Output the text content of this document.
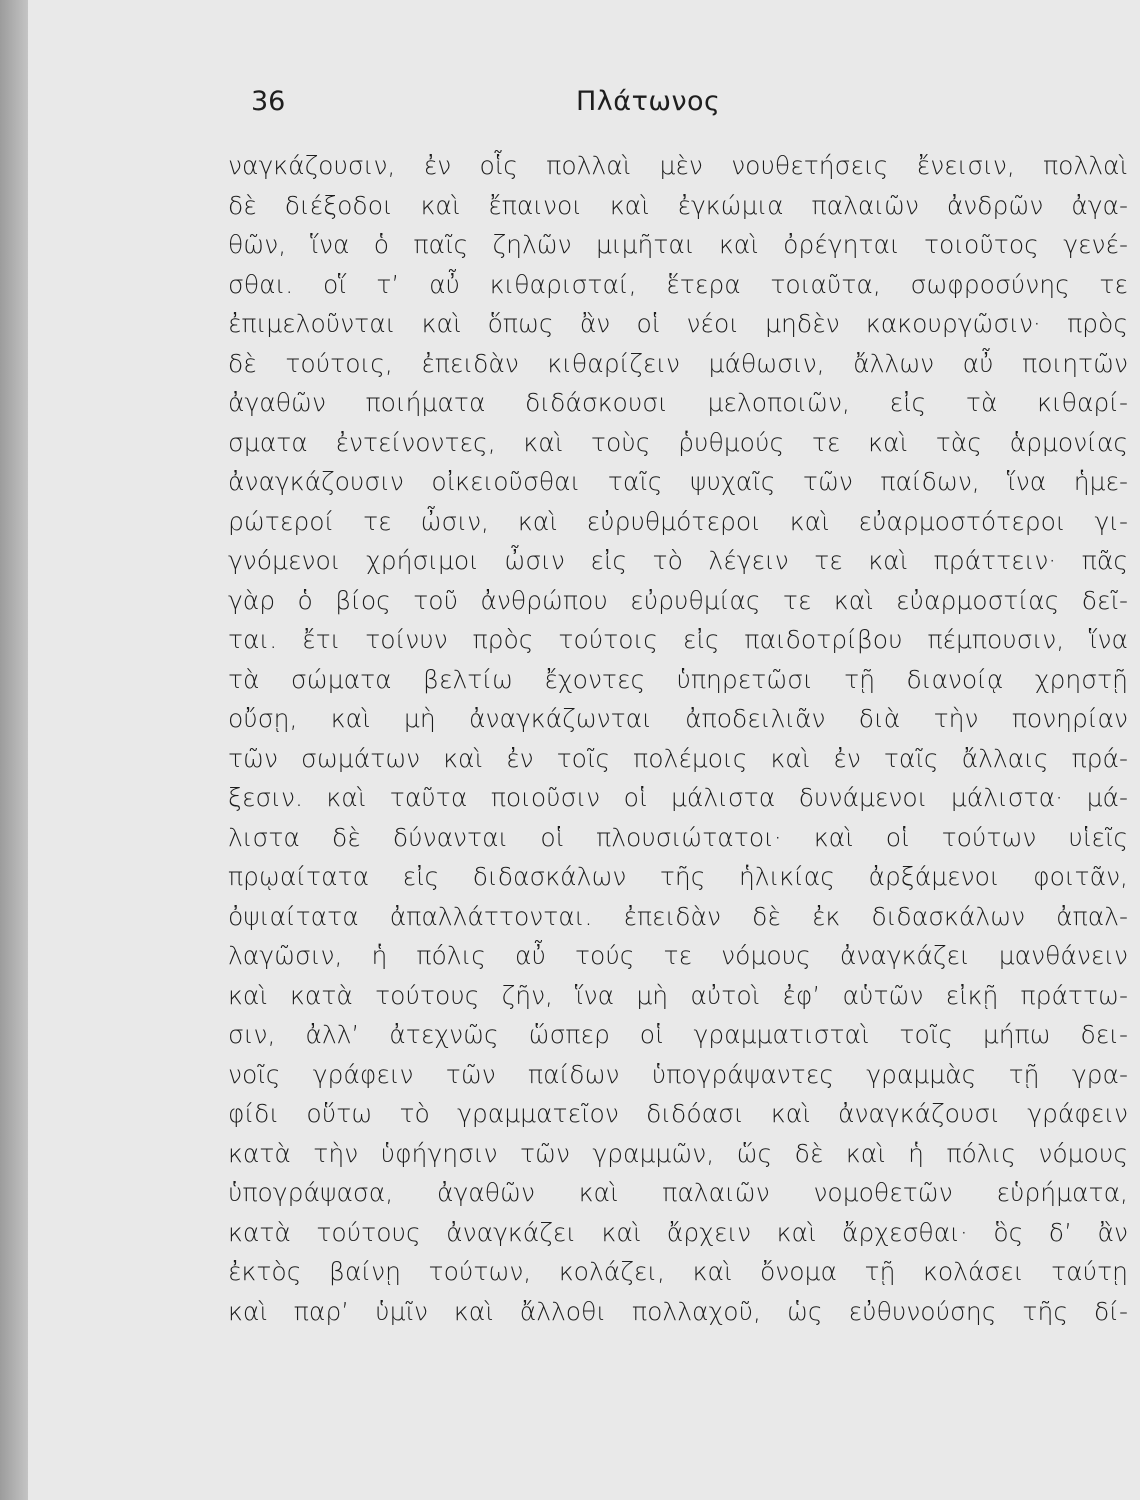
36	Πλάτωνος
ναγκάζουσιν, ἐν οἷς πολλαὶ μὲν νουθετήσεις ἔνεισιν, πολλαὶ
δὲ διέξοδοι καὶ ἔπαινοι καὶ ἐγκώμια παλαιῶν ἀνδρῶν ἀγα-
θῶν, ἵνα ὁ παῖς ζηλῶν μιμῆται καὶ ὀρέγηται τοιοῦτος γενέ-
σθαι. οἵ τ’ αὖ κιθαρισταί, ἕτερα τοιαῦτα, σωφροσύνης τε
ἐπιμελοῦνται καὶ ὅπως ἂν οἱ νέοι μηδὲν κακουργῶσιν· πρὸς
δὲ τούτοις, ἐπειδὰν κιθαρίζειν μάθωσιν, ἄλλων αὖ ποιητῶν
ἀγαθῶν ποιήματα διδάσκουσι μελοποιῶν, εἰς τὰ κιθαρί-
σματα ἐντείνοντες, καὶ τοὺς ῥυθμούς τε καὶ τὰς ἁρμονίας
ἀναγκάζουσιν οἰκειοῦσθαι ταῖς ψυχαῖς τῶν παίδων, ἵνα ἡμε-
ρώτεροί τε ὦσιν, καὶ εὐρυθμότεροι καὶ εὐαρμοστότεροι γι-
γνόμενοι χρήσιμοι ὦσιν εἰς τὸ λέγειν τε καὶ πράττειν· πᾶς
γὰρ ὁ βίος τοῦ ἀνθρώπου εὐρυθμίας τε καὶ εὐαρμοστίας δεῖ-
ται. ἔτι τοίνυν πρὸς τούτοις εἰς παιδοτρίβου πέμπουσιν, ἵνα
τὰ σώματα βελτίω ἔχοντες ὑπηρετῶσι τῇ διανοίᾳ χρηστῇ
οὔσῃ, καὶ μὴ ἀναγκάζωνται ἀποδειλιᾶν διὰ τὴν πονηρίαν
τῶν σωμάτων καὶ ἐν τοῖς πολέμοις καὶ ἐν ταῖς ἄλλαις πρά-
ξεσιν. καὶ ταῦτα ποιοῦσιν οἱ μάλιστα δυνάμενοι μάλιστα· μά-
λιστα δὲ δύνανται οἱ πλουσιώτατοι· καὶ οἱ τούτων υἱεῖς
πρῳαίτατα εἰς διδασκάλων τῆς ἡλικίας ἀρξάμενοι φοιτᾶν,
ὀψιαίτατα ἀπαλλάττονται. ἐπειδὰν δὲ ἐκ διδασκάλων ἀπαλ-
λαγῶσιν, ἡ πόλις αὖ τούς τε νόμους ἀναγκάζει μανθάνειν
καὶ κατὰ τούτους ζῆν, ἵνα μὴ αὐτοὶ ἐφ’ αὑτῶν εἰκῇ πράττω-
σιν, ἀλλ’ ἀτεχνῶς ὥσπερ οἱ γραμματισταὶ τοῖς μήπω δει-
νοῖς γράφειν τῶν παίδων ὑπογράψαντες γραμμὰς τῇ γρα-
φίδι οὕτω τὸ γραμματεῖον διδόασι καὶ ἀναγκάζουσι γράφειν
κατὰ τὴν ὑφήγησιν τῶν γραμμῶν, ὥς δὲ καὶ ἡ πόλις νόμους
ὑπογράψασα, ἀγαθῶν καὶ παλαιῶν νομοθετῶν εὑρήματα,
κατὰ τούτους ἀναγκάζει καὶ ἄρχειν καὶ ἄρχεσθαι· ὃς δ’ ἂν
ἐκτὸς βαίνῃ τούτων, κολάζει, καὶ ὄνομα τῇ κολάσει ταύτῃ
καὶ παρ’ ὑμῖν καὶ ἄλλοθι πολλαχοῦ, ὡς εὐθυνούσης τῆς δί-
